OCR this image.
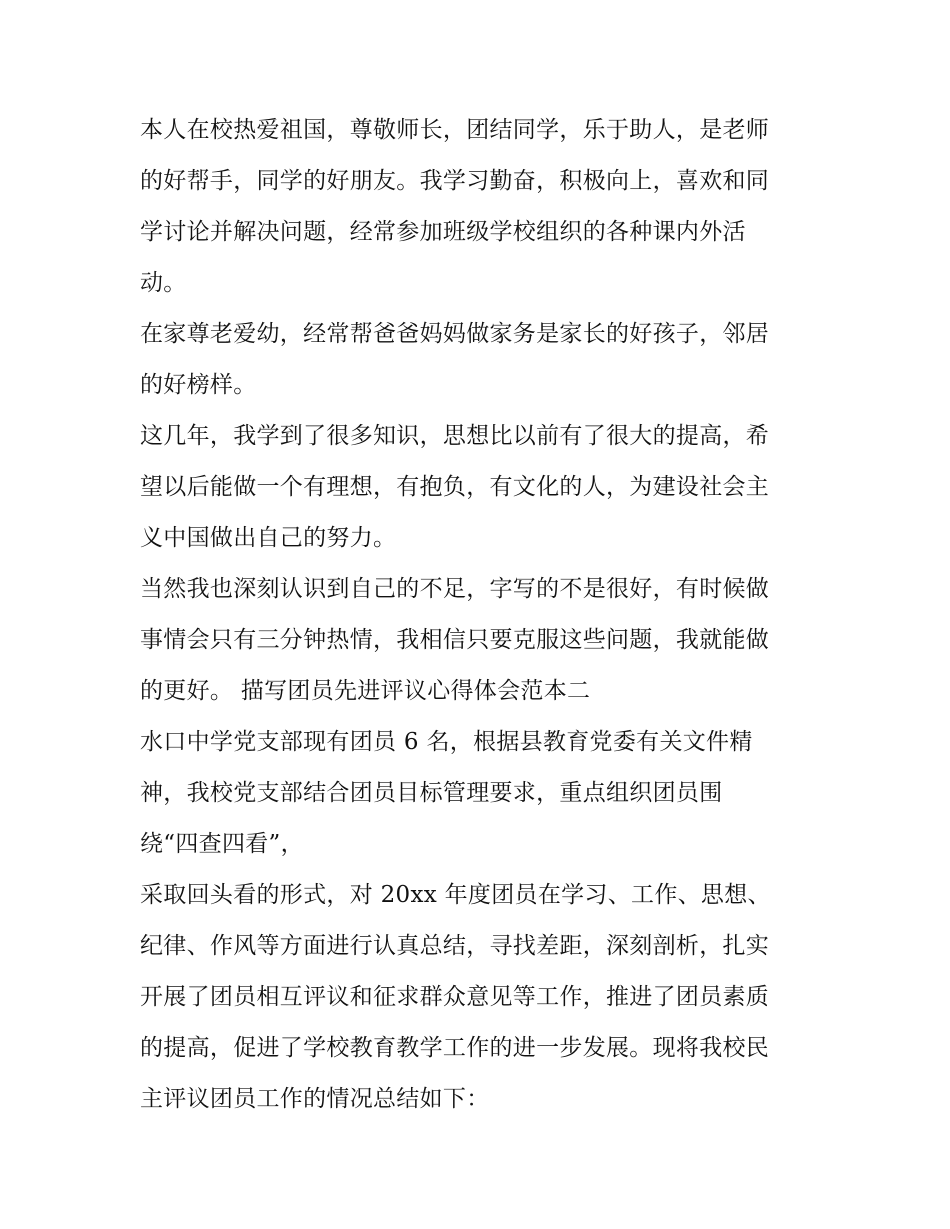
本人在校热爱祖国，尊敬师长，团结同学，乐于助人，是老师
的好帮手，同学的好朋友。我学习勤奋，积极向上，喜欢和同
学讨论并解决问题，经常参加班级学校组织的各种课内外活
动。
在家尊老爱幼，经常帮爸爸妈妈做家务是家长的好孩子，邻居
的好榜样。
这几年，我学到了很多知识，思想比以前有了很大的提高，希
望以后能做一个有理想，有抱负，有文化的人，为建设社会主
义中国做出自己的努力。
当然我也深刻认识到自己的不足，字写的不是很好，有时候做
事情会只有三分钟热情，我相信只要克服这些问题，我就能做
的更好。 描写团员先进评议心得体会范本二
水口中学党支部现有团员 6 名，根据县教育党委有关文件精
神，我校党支部结合团员目标管理要求，重点组织团员围
绕“四查四看”，
采取回头看的形式，对 20xx 年度团员在学习、工作、思想、
纪律、作风等方面进行认真总结，寻找差距，深刻剖析，扎实
开展了团员相互评议和征求群众意见等工作，推进了团员素质
的提高，促进了学校教育教学工作的进一步发展。现将我校民
主评议团员工作的情况总结如下：
